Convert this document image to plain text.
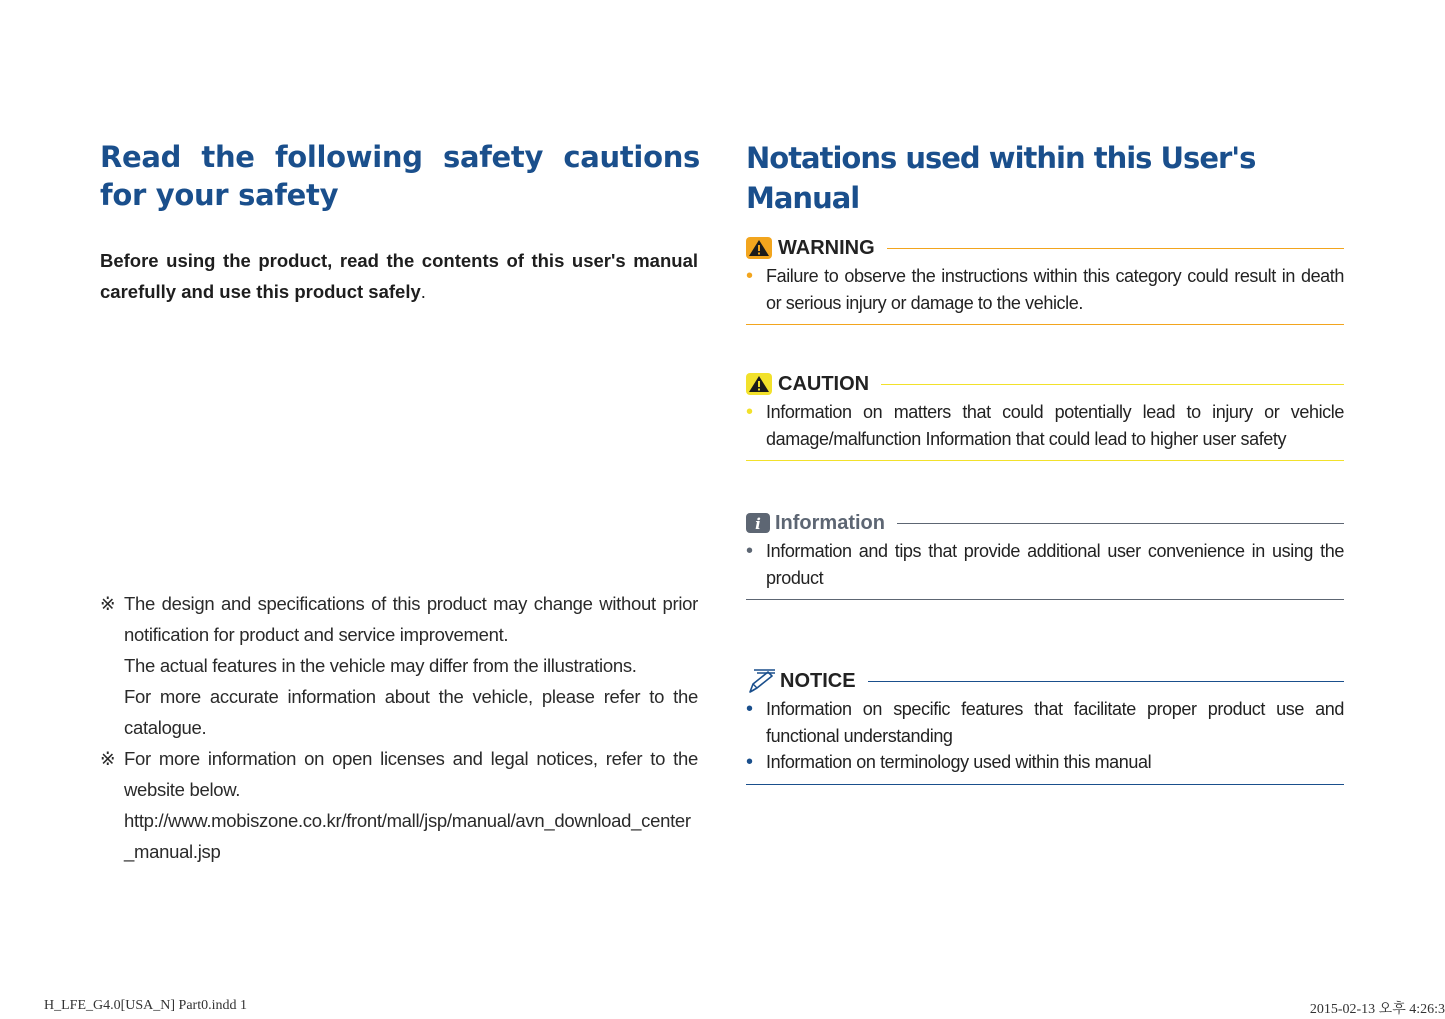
Read the following safety cautions for your safety

Before using the product, read the contents of this user's manual carefully and use this product safely.

※ The design and specifications of this product may change without prior notification for product and service improvement.

The actual features in the vehicle may differ from the illustrations.

For more accurate information about the vehicle, please refer to the catalogue.

※ For more information on open licenses and legal notices, refer to the website below.

http://www.mobiszone.co.kr/front/mall/jsp/manual/avn_download_center_manual.jsp

Notations used within this User's Manual
WARNING
• Failure to observe the instructions within this category could result in death or serious injury or damage to the vehicle.
CAUTION
• Information on matters that could potentially lead to injury or vehicle damage/malfunction Information that could lead to higher user safety
i Information
• Information and tips that provide additional user convenience in using the product
NOTICE
• Information on specific features that facilitate proper product use and functional understanding
• Information on terminology used within this manual
H_LFE_G4.0[USA_N] Part0.indd 1	2015-02-13 오후 4:26:3
